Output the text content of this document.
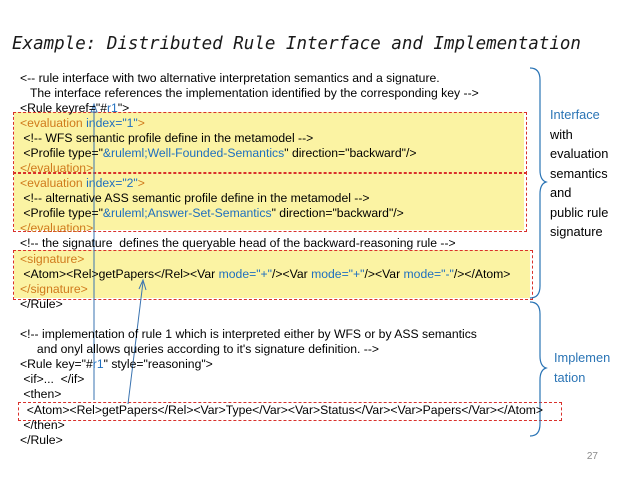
Example: Distributed Rule Interface and Implementation
<-- rule interface with two alternative interpretation semantics and a signature.
The interface references the implementation identified by the corresponding key -->
<Rule keyref="#r1">
<evaluation index="1">
<!-- WFS semantic profile define in the metamodel -->
<Profile type="&ruleml;Well-Founded-Semantics" direction="backward"/>
</evaluation>
<evaluation index="2">
<!-- alternative ASS semantic profile define in the metamodel -->
<Profile type="&ruleml;Answer-Set-Semantics" direction="backward"/>
</evaluation>
<!-- the signature  defines the queryable head of the backward-reasoning rule -->
<signature>
<Atom><Rel>getPapers</Rel><Var mode="+"/><Var mode="+"/><Var mode="-"/></Atom>
</signature>
</Rule>
<!-- implementation of rule 1 which is interpreted either by WFS or by ASS semantics
and onyl allows queries according to it's signature definition. -->
<Rule key="#r1" style="reasoning">
<if>...  </if>
<then>
<Atom><Rel>getPapers</Rel><Var>Type</Var><Var>Status</Var><Var>Papers</Var></Atom>
</then>
</Rule>
Interface
with
evaluation
semantics
and
public rule
signature
Implemen
tation
27
